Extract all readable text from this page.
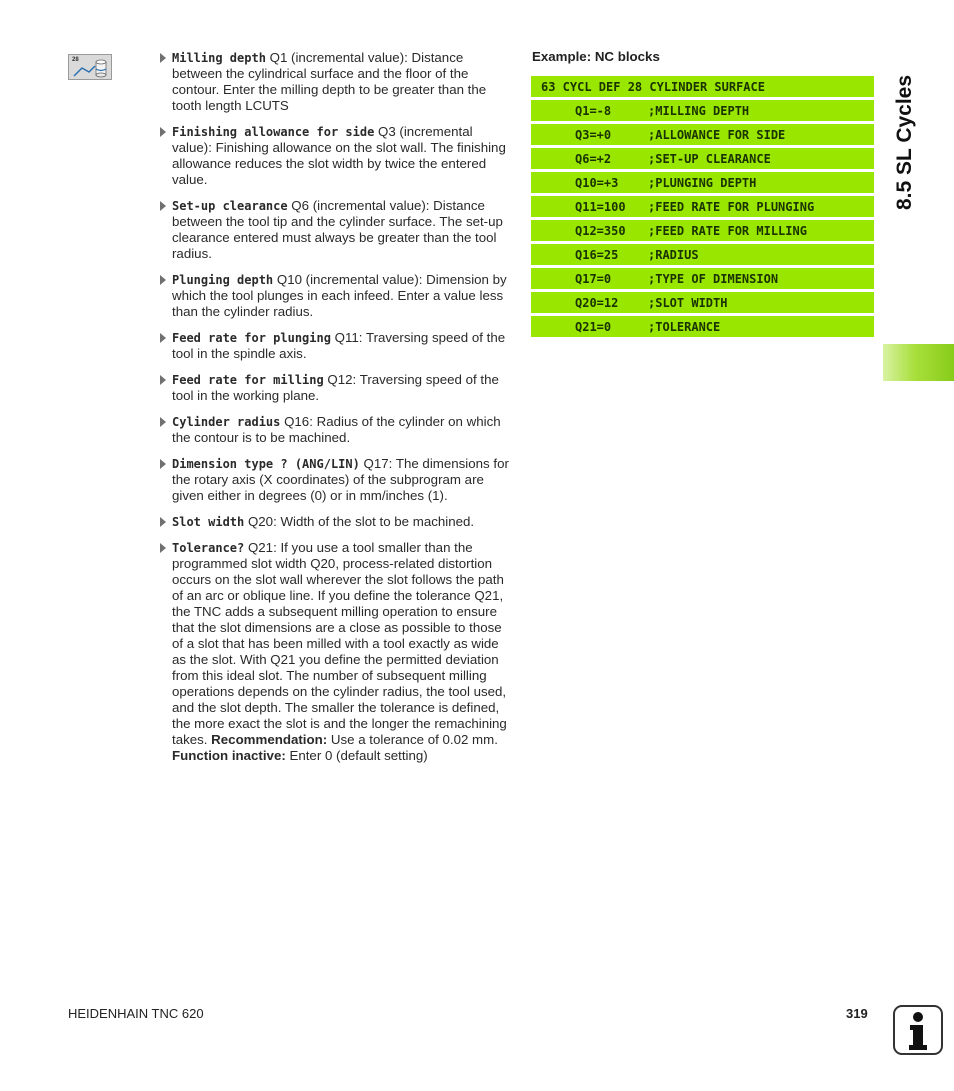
28	Milling depth Q1 (incremental value): Distance between the cylindrical surface and the floor of the contour. Enter the milling depth to be greater than the tooth length LCUTS
Finishing allowance for side Q3 (incremental value): Finishing allowance on the slot wall. The finishing allowance reduces the slot width by twice the entered value.
Set-up clearance Q6 (incremental value): Distance between the tool tip and the cylinder surface. The set-up clearance entered must always be greater than the tool radius.
Plunging depth Q10 (incremental value): Dimension by which the tool plunges in each infeed. Enter a value less than the cylinder radius.
Feed rate for plunging Q11: Traversing speed of the tool in the spindle axis.
Feed rate for milling Q12: Traversing speed of the tool in the working plane.
Cylinder radius Q16: Radius of the cylinder on which the contour is to be machined.
Dimension type ? (ANG/LIN) Q17: The dimensions for the rotary axis (X coordinates) of the subprogram are given either in degrees (0) or in mm/inches (1).
Slot width Q20: Width of the slot to be machined.
Tolerance? Q21: If you use a tool smaller than the programmed slot width Q20, process-related distortion occurs on the slot wall wherever the slot follows the path of an arc or oblique line. If you define the tolerance Q21, the TNC adds a subsequent milling operation to ensure that the slot dimensions are a close as possible to those of a slot that has been milled with a tool exactly as wide as the slot. With Q21 you define the permitted deviation from this ideal slot. The number of subsequent milling operations depends on the cylinder radius, the tool used, and the slot depth. The smaller the tolerance is defined, the more exact the slot is and the longer the remachining takes. Recommendation: Use a tolerance of 0.02 mm. Function inactive: Enter 0 (default setting)
Example: NC blocks
63 CYCL DEF 28 CYLINDER SURFACE
Q1=-8	;MILLING DEPTH
Q3=+0	;ALLOWANCE FOR SIDE
Q6=+2	;SET-UP CLEARANCE
Q10=+3 ;PLUNGING DEPTH
Q11=100 ;FEED RATE FOR PLUNGING
Q12=350 ;FEED RATE FOR MILLING
Q16=25 ;RADIUS
Q17=0	;TYPE OF DIMENSION
Q20=12 ;SLOT WIDTH
Q21=0	;TOLERANCE
8.5 SL Cycles
HEIDENHAIN TNC 620	319
